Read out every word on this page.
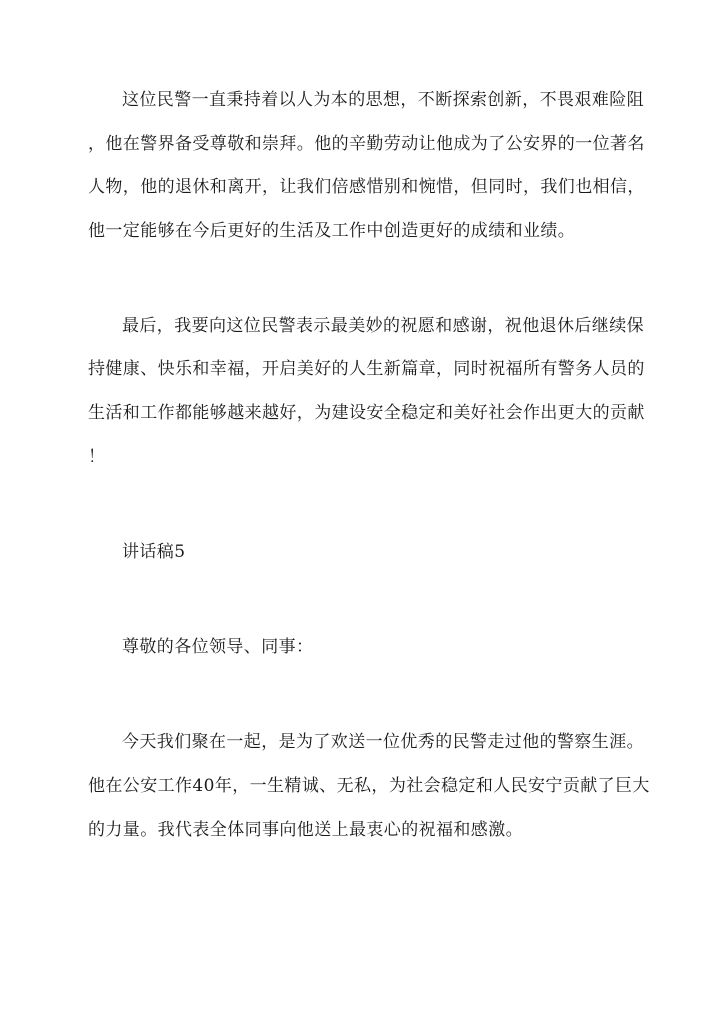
这位民警一直秉持着以人为本的思想，不断探索创新，不畏艰难险阻
，他在警界备受尊敬和崇拜。他的辛勤劳动让他成为了公安界的一位著名
人物，他的退休和离开，让我们倍感惜别和惋惜，但同时，我们也相信，
他一定能够在今后更好的生活及工作中创造更好的成绩和业绩。
最后，我要向这位民警表示最美妙的祝愿和感谢，祝他退休后继续保
持健康、快乐和幸福，开启美好的人生新篇章，同时祝福所有警务人员的
生活和工作都能够越来越好，为建设安全稳定和美好社会作出更大的贡献
！
讲话稿5
尊敬的各位领导、同事：
今天我们聚在一起，是为了欢送一位优秀的民警走过他的警察生涯。
他在公安工作40年，一生精诚、无私，为社会稳定和人民安宁贡献了巨大
的力量。我代表全体同事向他送上最衷心的祝福和感激。
